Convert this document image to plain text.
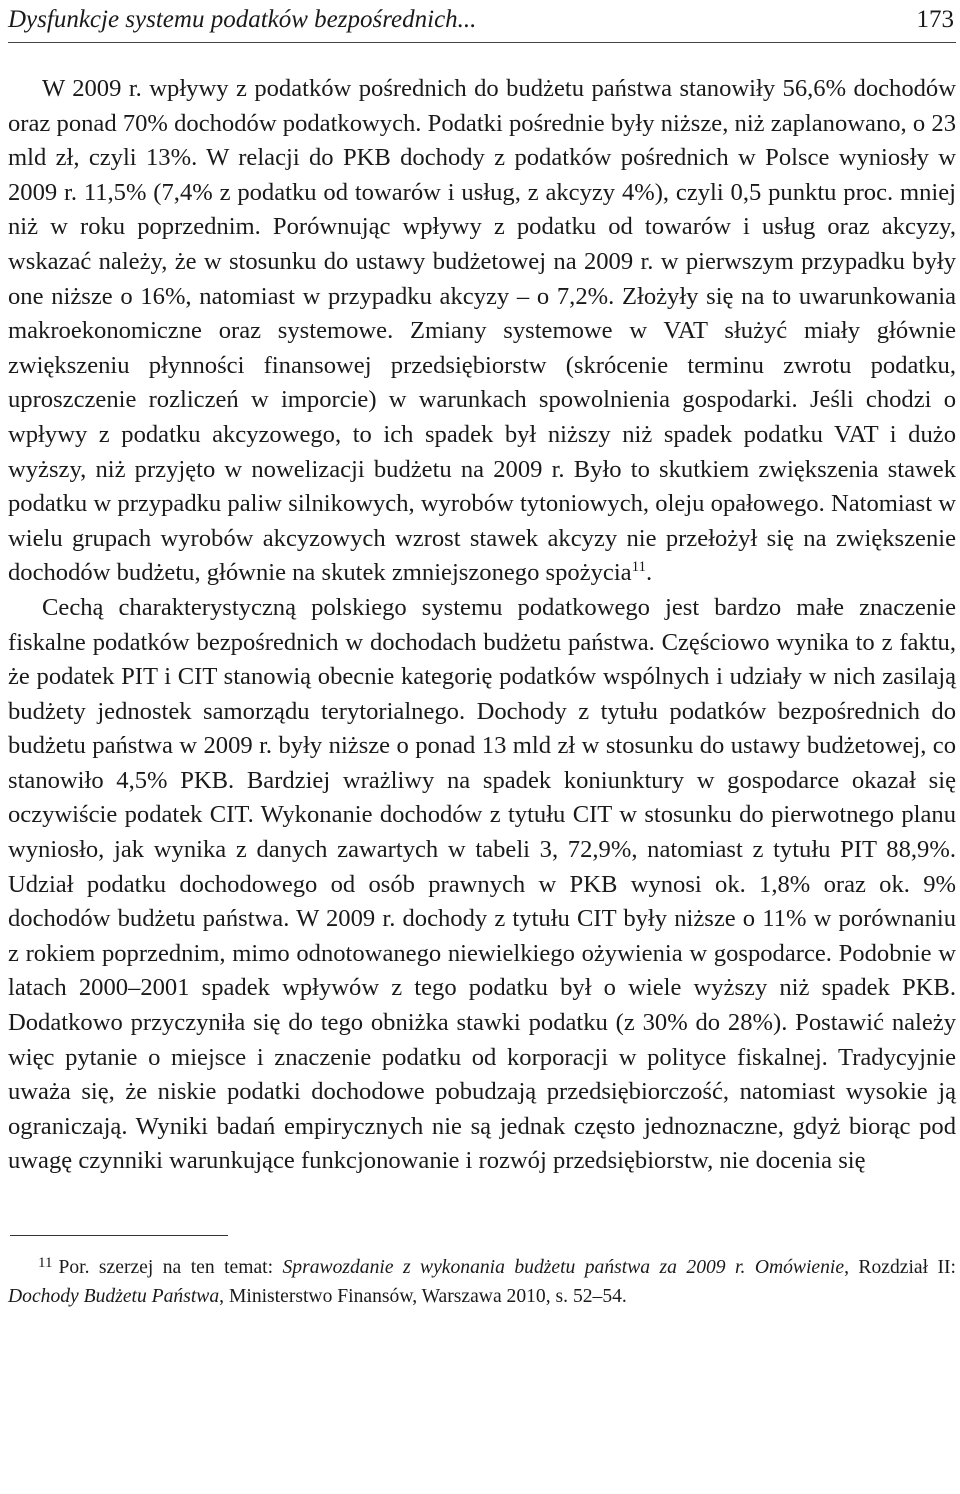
Dysfunkcje systemu podatków bezpośrednich...	173

W 2009 r. wpływy z podatków pośrednich do budżetu państwa stanowiły 56,6% dochodów oraz ponad 70% dochodów podatkowych. Podatki pośrednie były niższe, niż zaplanowano, o 23 mld zł, czyli 13%. W relacji do PKB dochody z podatków pośrednich w Polsce wyniosły w 2009 r. 11,5% (7,4% z podatku od towarów i usług, z akcyzy 4%), czyli 0,5 punktu proc. mniej niż w roku poprzednim. Porównując wpływy z podatku od towarów i usług oraz akcyzy, wskazać należy, że w stosunku do ustawy budżetowej na 2009 r. w pierwszym przypadku były one niższe o 16%, natomiast w przypadku akcyzy – o 7,2%. Złożyły się na to uwarunkowania makroekonomiczne oraz systemowe. Zmiany systemowe w VAT służyć miały głównie zwiększeniu płynności finansowej przedsiębiorstw (skrócenie terminu zwrotu podatku, uproszczenie rozliczeń w imporcie) w warunkach spowolnienia gospodarki. Jeśli chodzi o wpływy z podatku akcyzowego, to ich spadek był niższy niż spadek podatku VAT i dużo wyższy, niż przyjęto w nowelizacji budżetu na 2009 r. Było to skutkiem zwiększenia stawek podatku w przypadku paliw silnikowych, wyrobów tytoniowych, oleju opałowego. Natomiast w wielu grupach wyrobów akcyzowych wzrost stawek akcyzy nie przełożył się na zwiększenie dochodów budżetu, głównie na skutek zmniejszonego spożycia$^{11}$.

Cechą charakterystyczną polskiego systemu podatkowego jest bardzo małe znaczenie fiskalne podatków bezpośrednich w dochodach budżetu państwa. Częściowo wynika to z faktu, że podatek PIT i CIT stanowią obecnie kategorię podatków wspólnych i udziały w nich zasilają budżety jednostek samorządu terytorialnego. Dochody z tytułu podatków bezpośrednich do budżetu państwa w 2009 r. były niższe o ponad 13 mld zł w stosunku do ustawy budżetowej, co stanowiło 4,5% PKB. Bardziej wrażliwy na spadek koniunktury w gospodarce okazał się oczywiście podatek CIT. Wykonanie dochodów z tytułu CIT w stosunku do pierwotnego planu wyniosło, jak wynika z danych zawartych w tabeli 3, 72,9%, natomiast z tytułu PIT 88,9%. Udział podatku dochodowego od osób prawnych w PKB wynosi ok. 1,8% oraz ok. 9% dochodów budżetu państwa. W 2009 r. dochody z tytułu CIT były niższe o 11% w porównaniu z rokiem poprzednim, mimo odnotowanego niewielkiego ożywienia w gospodarce. Podobnie w latach 2000–2001 spadek wpływów z tego podatku był o wiele wyższy niż spadek PKB. Dodatkowo przyczyniła się do tego obniżka stawki podatku (z 30% do 28%). Postawić należy więc pytanie o miejsce i znaczenie podatku od korporacji w polityce fiskalnej. Tradycyjnie uważa się, że niskie podatki dochodowe pobudzają przedsiębiorczość, natomiast wysokie ją ograniczają. Wyniki badań empirycznych nie są jednak często jednoznaczne, gdyż biorąc pod uwagę czynniki warunkujące funkcjonowanie i rozwój przedsiębiorstw, nie docenia się

$^{11}$ Por. szerzej na ten temat: Sprawozdanie z wykonania budżetu państwa za 2009 r. Omówienie, Rozdział II: Dochody Budżetu Państwa, Ministerstwo Finansów, Warszawa 2010, s. 52–54.
